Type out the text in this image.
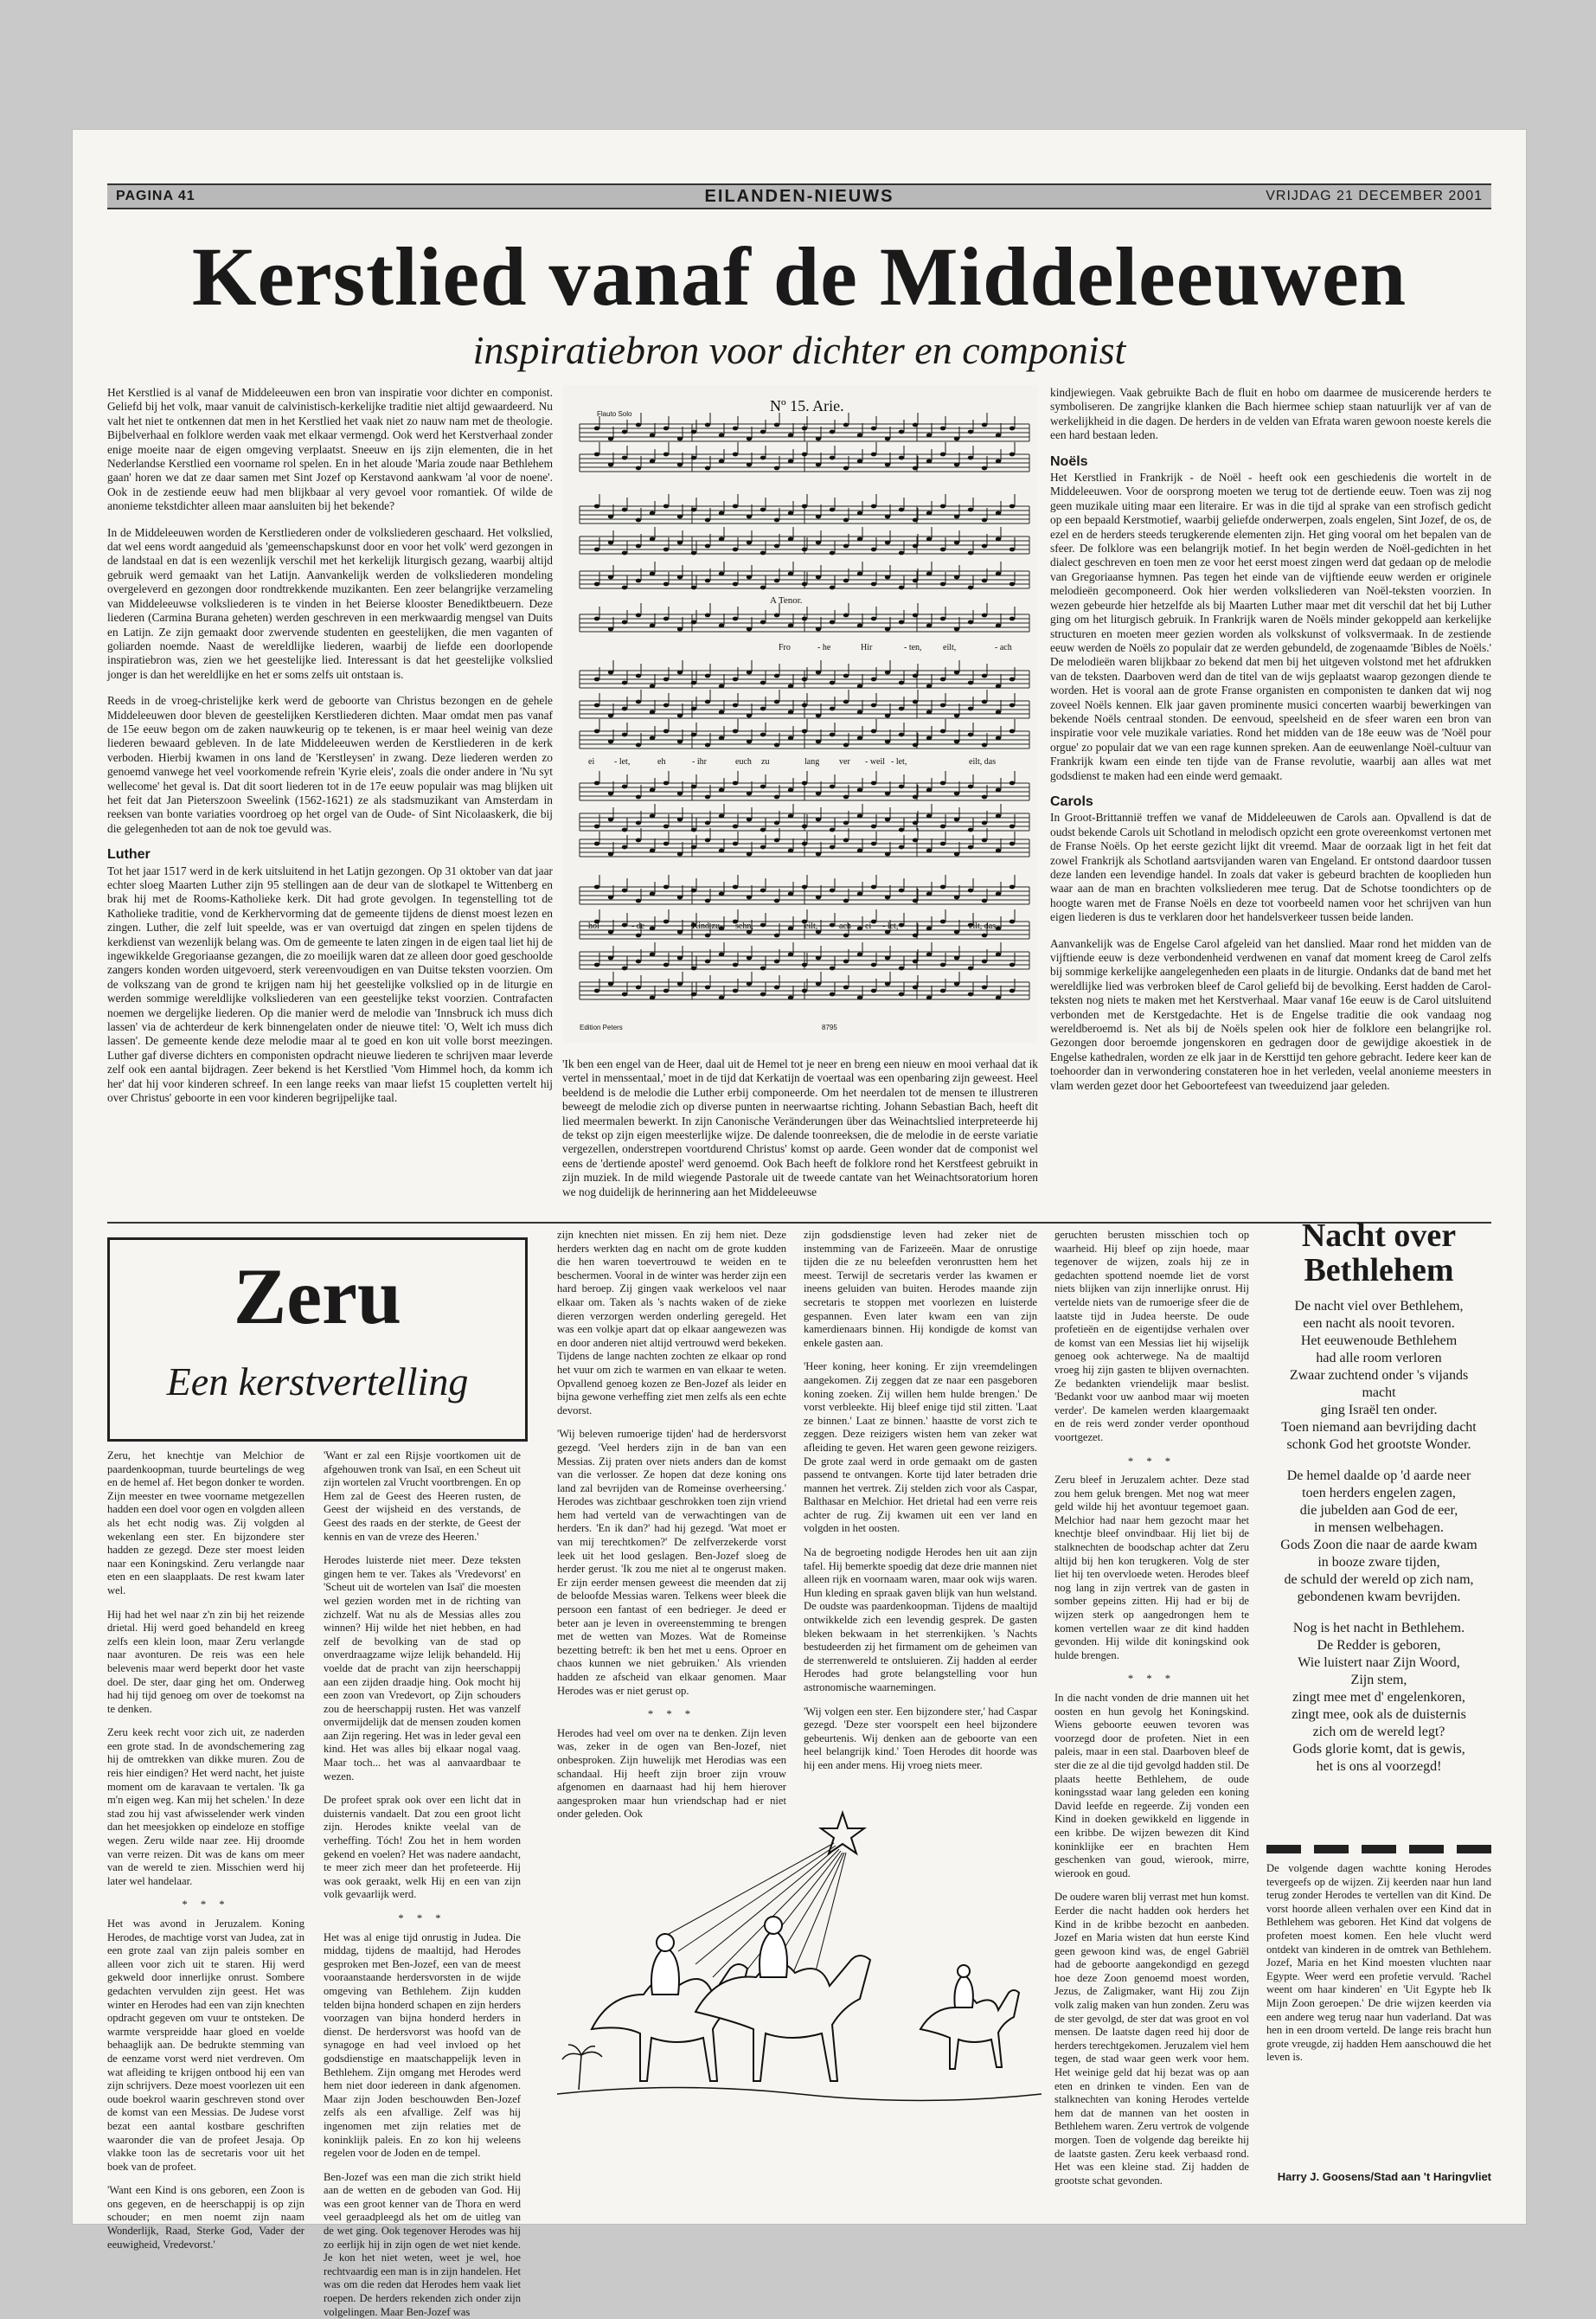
PAGINA 41	EILANDEN-NIEUWS	VRIJDAG 21 DECEMBER 2001
Kerstlied vanaf de Middeleeuwen
inspiratiebron voor dichter en componist

Het Kerstlied is al vanaf de Middeleeuwen een bron van inspiratie voor dichter en componist. Geliefd bij het volk, maar vanuit de calvinistisch-kerkelijke traditie niet altijd gewaardeerd. Nu valt het niet te ontkennen dat men in het Kerstlied het vaak niet zo nauw nam met de theologie. Bijbelverhaal en folklore werden vaak met elkaar vermengd. Ook werd het Kerstverhaal zonder enige moeite naar de eigen omgeving verplaatst. Sneeuw en ijs zijn elementen, die in het Nederlandse Kerstlied een voorname rol spelen. En in het aloude 'Maria zoude naar Bethlehem gaan' horen we dat ze daar samen met Sint Jozef op Kerstavond aankwam 'al voor de noene'. Ook in de zestiende eeuw had men blijkbaar al very gevoel voor romantiek. Of wilde de anonieme tekstdichter alleen maar aansluiten bij het bekende?

In de Middeleeuwen worden de Kerstliederen onder de volksliederen geschaard. Het volkslied, dat wel eens wordt aangeduid als 'gemeenschapskunst door en voor het volk' werd gezongen in de landstaal en dat is een wezenlijk verschil met het kerkelijk liturgisch gezang, waarbij altijd gebruik werd gemaakt van het Latijn. Aanvankelijk werden de volksliederen mondeling overgeleverd en gezongen door rondtrekkende muzikanten. Een zeer belangrijke verzameling van Middeleeuwse volksliederen is te vinden in het Beierse klooster Benediktbeuern. Deze liederen (Carmina Burana geheten) werden geschreven in een merkwaardig mengsel van Duits en Latijn. Ze zijn gemaakt door zwervende studenten en geestelijken, die men vaganten of goliarden noemde. Naast de wereldlijke liederen, waarbij de liefde een doorlopende inspiratiebron was, zien we het geestelijke lied. Interessant is dat het geestelijke volkslied jonger is dan het wereldlijke en het er soms zelfs uit ontstaan is.

Reeds in de vroeg-christelijke kerk werd de geboorte van Christus bezongen en de gehele Middeleeuwen door bleven de geestelijken Kerstliederen dichten. Maar omdat men pas vanaf de 15e eeuw begon om de zaken nauwkeurig op te tekenen, is er maar heel weinig van deze liederen bewaard gebleven. In de late Middeleeuwen werden de Kerstliederen in de kerk verboden. Hierbij kwamen in ons land de 'Kerstleysen' in zwang. Deze liederen werden zo genoemd vanwege het veel voorkomende refrein 'Kyrie eleis', zoals die onder andere in 'Nu syt wellecome' het geval is. Dat dit soort liederen tot in de 17e eeuw populair was mag blijken uit het feit dat Jan Pieterszoon Sweelink (1562-1621) ze als stadsmuzikant van Amsterdam in reeksen van bonte variaties voordroeg op het orgel van de Oude- of Sint Nicolaaskerk, die bij die gelegenheden tot aan de nok toe gevuld was.

Luther

Tot het jaar 1517 werd in de kerk uitsluitend in het Latijn gezongen. Op 31 oktober van dat jaar echter sloeg Maarten Luther zijn 95 stellingen aan de deur van de slotkapel te Wittenberg en brak hij met de Rooms-Katholieke kerk. Dit had grote gevolgen. In tegenstelling tot de Katholieke traditie, vond de Kerkhervorming dat de gemeente tijdens de dienst moest lezen en zingen. Luther, die zelf luit speelde, was er van overtuigd dat zingen en spelen tijdens de kerkdienst van wezenlijk belang was. Om de gemeente te laten zingen in de eigen taal liet hij de ingewikkelde Gregoriaanse gezangen, die zo moeilijk waren dat ze alleen door goed geschoolde zangers konden worden uitgevoerd, sterk vereenvoudigen en van Duitse teksten voorzien. Om de volkszang van de grond te krijgen nam hij het geestelijke volkslied op in de liturgie en werden sommige wereldlijke volksliederen van een geestelijke tekst voorzien. Contrafacten noemen we dergelijke liederen. Op die manier werd de melodie van 'Innsbruck ich muss dich lassen' via de achterdeur de kerk binnengelaten onder de nieuwe titel: 'O, Welt ich muss dich lassen'. De gemeente kende deze melodie maar al te goed en kon uit volle borst meezingen. Luther gaf diverse dichters en componisten opdracht nieuwe liederen te schrijven maar leverde zelf ook een aantal bijdragen. Zeer bekend is het Kerstlied 'Vom Himmel hoch, da komm ich her' dat hij voor kinderen schreef. In een lange reeks van maar liefst 15 coupletten vertelt hij over Christus' geboorte in een voor kinderen begrijpelijke taal.

Nº 15. Arie.
Flauto Solo
A Tenor.
Fro	- he	Hir	- ten, eilt,	- ach
ei - let,	eh	- ihr	euch zu	lang ver - weil - let,	eilt, das
hol	- de	Kind zu sehn,	eilt, ach ei - let,	eilt, das
Edition Peters	8795

'Ik ben een engel van de Heer, daal uit de Hemel tot je neer en breng een nieuw en mooi verhaal dat ik vertel in menssentaal,' moet in de tijd dat Kerkatijn de voertaal was een openbaring zijn geweest. Heel beeldend is de melodie die Luther erbij componeerde. Om het neerdalen tot de mensen te illustreren beweegt de melodie zich op diverse punten in neerwaartse richting. Johann Sebastian Bach, heeft dit lied meermalen bewerkt. In zijn Canonische Veränderungen über das Weinachtslied interpreteerde hij de tekst op zijn eigen meesterlijke wijze. De dalende toonreeksen, die de melodie in de eerste variatie vergezellen, onderstrepen voortdurend Christus' komst op aarde. Geen wonder dat de componist wel eens de 'dertiende apostel' werd genoemd. Ook Bach heeft de folklore rond het Kerstfeest gebruikt in zijn muziek. In de mild wiegende Pastorale uit de tweede cantate van het Weinachtsoratorium horen we nog duidelijk de herinnering aan het Middeleeuwse

kindjewiegen. Vaak gebruikte Bach de fluit en hobo om daarmee de musicerende herders te symboliseren. De zangrijke klanken die Bach hiermee schiep staan natuurlijk ver af van de werkelijkheid in die dagen. De herders in de velden van Efrata waren gewoon noeste kerels die een hard bestaan leden.

Noëls

Het Kerstlied in Frankrijk - de Noël - heeft ook een geschiedenis die wortelt in de Middeleeuwen. Voor de oorsprong moeten we terug tot de dertiende eeuw. Toen was zij nog geen muzikale uiting maar een literaire. Er was in die tijd al sprake van een strofisch gedicht op een bepaald Kerstmotief, waarbij geliefde onderwerpen, zoals engelen, Sint Jozef, de os, de ezel en de herders steeds terugkerende elementen zijn. Het ging vooral om het bepalen van de sfeer. De folklore was een belangrijk motief. In het begin werden de Noël-gedichten in het dialect geschreven en toen men ze voor het eerst moest zingen werd dat gedaan op de melodie van Gregoriaanse hymnen. Pas tegen het einde van de vijftiende eeuw werden er originele melodieën gecomponeerd. Ook hier werden volksliederen van Noël-teksten voorzien. In wezen gebeurde hier hetzelfde als bij Maarten Luther maar met dit verschil dat het bij Luther ging om het liturgisch gebruik. In Frankrijk waren de Noëls minder gekoppeld aan kerkelijke structuren en moeten meer gezien worden als volkskunst of volksvermaak. In de zestiende eeuw werden de Noëls zo populair dat ze werden gebundeld, de zogenaamde 'Bibles de Noëls.' De melodieën waren blijkbaar zo bekend dat men bij het uitgeven volstond met het afdrukken van de teksten. Daarboven werd dan de titel van de wijs geplaatst waarop gezongen diende te worden. Het is vooral aan de grote Franse organisten en componisten te danken dat wij nog zoveel Noëls kennen. Elk jaar gaven prominente musici concerten waarbij bewerkingen van bekende Noëls centraal stonden. De eenvoud, speelsheid en de sfeer waren een bron van inspiratie voor vele muzikale variaties. Rond het midden van de 18e eeuw was de 'Noël pour orgue' zo populair dat we van een rage kunnen spreken. Aan de eeuwenlange Noël-cultuur van Frankrijk kwam een einde ten tijde van de Franse revolutie, waarbij aan alles wat met godsdienst te maken had een einde werd gemaakt.

Carols

In Groot-Brittannië treffen we vanaf de Middeleeuwen de Carols aan. Opvallend is dat de oudst bekende Carols uit Schotland in melodisch opzicht een grote overeenkomst vertonen met de Franse Noëls. Op het eerste gezicht lijkt dit vreemd. Maar de oorzaak ligt in het feit dat zowel Frankrijk als Schotland aartsvijanden waren van Engeland. Er ontstond daardoor tussen deze landen een levendige handel. In zoals dat vaker is gebeurd brachten de kooplieden hun waar aan de man en brachten volksliederen mee terug. Dat de Schotse toondichters op de hoogte waren met de Franse Noëls en deze tot voorbeeld namen voor het schrijven van hun eigen liederen is dus te verklaren door het handelsverkeer tussen beide landen.

Aanvankelijk was de Engelse Carol afgeleid van het danslied. Maar rond het midden van de vijftiende eeuw is deze verbondenheid verdwenen en vanaf dat moment kreeg de Carol zelfs bij sommige kerkelijke aangelegenheden een plaats in de liturgie. Ondanks dat de band met het wereldlijke lied was verbroken bleef de Carol geliefd bij de bevolking. Eerst hadden de Carol-teksten nog niets te maken met het Kerstverhaal. Maar vanaf 16e eeuw is de Carol uitsluitend verbonden met de Kerstgedachte. Het is de Engelse traditie die ook vandaag nog wereldberoemd is. Net als bij de Noëls spelen ook hier de folklore een belangrijke rol. Gezongen door beroemde jongenskoren en gedragen door de gewijdige akoestiek in de Engelse kathedralen, worden ze elk jaar in de Kersttijd ten gehore gebracht. Iedere keer kan de toehoorder dan in verwondering constateren hoe in het verleden, veelal anonieme meesters in vlam werden gezet door het Geboortefeest van tweeduizend jaar geleden.

Zeru
Een kerstvertelling

Zeru, het knechtje van Melchior de paardenkoopman, tuurde beurtelings de weg en de hemel af. Het begon donker te worden. Zijn meester en twee voorname metgezellen hadden een doel voor ogen en volgden alleen als het echt nodig was. Zij volgden al wekenlang een ster. En bijzondere ster hadden ze gezegd. Deze ster moest leiden naar een Koningskind. Zeru verlangde naar eten en een slaapplaats. De rest kwam later wel.

Hij had het wel naar z'n zin bij het reizende drietal. Hij werd goed behandeld en kreeg zelfs een klein loon, maar Zeru verlangde naar avonturen. De reis was een hele belevenis maar werd beperkt door het vaste doel. De ster, daar ging het om. Onderweg had hij tijd genoeg om over de toekomst na te denken.

Zeru keek recht voor zich uit, ze naderden een grote stad. In de avondschemering zag hij de omtrekken van dikke muren. Zou de reis hier eindigen? Het werd nacht, het juiste moment om de karavaan te vertalen. 'Ik ga m'n eigen weg. Kan mij het schelen.' In deze stad zou hij vast afwisselender werk vinden dan het meesjokken op eindeloze en stoffige wegen. Zeru wilde naar zee. Hij droomde van verre reizen. Dit was de kans om meer van de wereld te zien. Misschien werd hij later wel handelaar.

* * *

Het was avond in Jeruzalem. Koning Herodes, de machtige vorst van Judea, zat in een grote zaal van zijn paleis somber en alleen voor zich uit te staren. Hij werd gekweld door innerlijke onrust. Sombere gedachten vervulden zijn geest. Het was winter en Herodes had een van zijn knechten opdracht gegeven om vuur te ontsteken. De warmte verspreidde haar gloed en voelde behaaglijk aan. De bedrukte stemming van de eenzame vorst werd niet verdreven. Om wat afleiding te krijgen ontbood hij een van zijn schrijvers. Deze moest voorlezen uit een oude boekrol waarin geschreven stond over de komst van een Messias. De Judese vorst bezat een aantal kostbare geschriften waaronder die van de profeet Jesaja. Op vlakke toon las de secretaris voor uit het boek van de profeet.

'Want een Kind is ons geboren, een Zoon is ons gegeven, en de heerschappij is op zijn schouder; en men noemt zijn naam Wonderlijk, Raad, Sterke God, Vader der eeuwigheid, Vredevorst.'

'Want er zal een Rijsje voortkomen uit de afgehouwen tronk van Isaï, en een Scheut uit zijn wortelen zal Vrucht voortbrengen. En op Hem zal de Geest des Heeren rusten, de Geest der wijsheid en des verstands, de Geest des raads en der sterkte, de Geest der kennis en van de vreze des Heeren.'

Herodes luisterde niet meer. Deze teksten gingen hem te ver. Takes als 'Vredevorst' en 'Scheut uit de wortelen van Isaï' die moesten wel gezien worden met in de richting van zichzelf. Wat nu als de Messias alles zou winnen? Hij wilde het niet hebben, en had zelf de bevolking van de stad op onverdraagzame wijze lelijk behandeld. Hij voelde dat de pracht van zijn heerschappij aan een zijden draadje hing. Ook mocht hij een zoon van Vredevort, op Zijn schouders zou de heerschappij rusten. Het was vanzelf onvermijdelijk dat de mensen zouden komen aan Zijn regering. Het was in leder geval een kind. Het was alles bij elkaar nogal vaag. Maar toch... het was al aanvaardbaar te wezen.

De profeet sprak ook over een licht dat in duisternis vandaelt. Dat zou een groot licht zijn. Herodes knikte veelal van de verheffing. Tóch! Zou het in hem worden gekend en voelen? Het was nadere aandacht, te meer zich meer dan het profeteerde. Hij was ook geraakt, welk Hij en een van zijn volk gevaarlijk werd.

* * *

Het was al enige tijd onrustig in Judea. Die middag, tijdens de maaltijd, had Herodes gesproken met Ben-Jozef, een van de meest vooraanstaande herdersvorsten in de wijde omgeving van Bethlehem. Zijn kudden telden bijna honderd schapen en zijn herders voorzagen van bijna honderd herders in dienst. De herdersvorst was hoofd van de synagoge en had veel invloed op het godsdienstige en maatschappelijk leven in Bethlehem. Zijn omgang met Herodes werd hem niet door iedereen in dank afgenomen. Maar zijn Joden beschouwden Ben-Jozef zelfs als een afvallige. Zelf was hij ingenomen met zijn relaties met de koninklijk paleis. En zo kon hij weleens regelen voor de Joden en de tempel.

Ben-Jozef was een man die zich strikt hield aan de wetten en de geboden van God. Hij was een groot kenner van de Thora en werd veel geraadpleegd als het om de uitleg van de wet ging. Ook tegenover Herodes was hij zo eerlijk hij in zijn ogen de wet niet kende. Je kon het niet weten, weet je wel, hoe rechtvaardig een man is in zijn handelen. Het was om die reden dat Herodes hem vaak liet roepen. De herders rekenden zich onder zijn volgelingen. Maar Ben-Jozef was

zijn knechten niet missen. En zij hem niet. Deze herders werkten dag en nacht om de grote kudden die hen waren toevertrouwd te weiden en te beschermen. Vooral in de winter was herder zijn een hard beroep. Zij gingen vaak werkeloos vel naar elkaar om. Taken als 's nachts waken of de zieke dieren verzorgen werden onderling geregeld. Het was een volkje apart dat op elkaar aangewezen was en door anderen niet altijd vertrouwd werd bekeken. Tijdens de lange nachten zochten ze elkaar op rond het vuur om zich te warmen en van elkaar te weten. Opvallend genoeg kozen ze Ben-Jozef als leider en bijna gewone verheffing ziet men zelfs als een echte devorst.

'Wij beleven rumoerige tijden' had de herdersvorst gezegd. 'Veel herders zijn in de ban van een Messias. Zij praten over niets anders dan de komst van die verlosser. Ze hopen dat deze koning ons land zal bevrijden van de Romeinse overheersing.' Herodes was zichtbaar geschrokken toen zijn vriend hem had verteld van de verwachtingen van de herders. 'En ik dan?' had hij gezegd. 'Wat moet er van mij terechtkomen?' De zelfverzekerde vorst leek uit het lood geslagen. Ben-Jozef sloeg de herder gerust. 'Ik zou me niet al te ongerust maken. Er zijn eerder mensen geweest die meenden dat zij de beloofde Messias waren. Telkens weer bleek die persoon een fantast of een bedrieger. Je deed er beter aan je leven in overeenstemming te brengen met de wetten van Mozes. Wat de Romeinse bezetting betreft: ik ben het met u eens. Oproer en chaos kunnen we niet gebruiken.' Als vrienden hadden ze afscheid van elkaar genomen. Maar Herodes was er niet gerust op.

* * *

Herodes had veel om over na te denken. Zijn leven was, zeker in de ogen van Ben-Jozef, niet onbesproken. Zijn huwelijk met Herodias was een schandaal. Hij heeft zijn broer zijn vrouw afgenomen en daarnaast had hij hem hierover aangesproken maar hun vriendschap had er niet onder geleden. Ook

zijn godsdienstige leven had zeker niet de instemming van de Farizeeën. Maar de onrustige tijden die ze nu beleefden veronrustten hem het meest. Terwijl de secretaris verder las kwamen er ineens geluiden van buiten. Herodes maande zijn secretaris te stoppen met voorlezen en luisterde gespannen. Even later kwam een van zijn kamerdienaars binnen. Hij kondigde de komst van enkele gasten aan.

'Heer koning, heer koning. Er zijn vreemdelingen aangekomen. Zij zeggen dat ze naar een pasgeboren koning zoeken. Zij willen hem hulde brengen.' De vorst verbleekte. Hij bleef enige tijd stil zitten. 'Laat ze binnen.' Laat ze binnen.' haastte de vorst zich te zeggen. Deze reizigers wisten hem van zeker wat afleiding te geven. Het waren geen gewone reizigers. De grote zaal werd in orde gemaakt om de gasten passend te ontvangen. Korte tijd later betraden drie mannen het vertrek. Zij stelden zich voor als Caspar, Balthasar en Melchior. Het drietal had een verre reis achter de rug. Zij kwamen uit een ver land en volgden in het oosten.

Na de begroeting nodigde Herodes hen uit aan zijn tafel. Hij bemerkte spoedig dat deze drie mannen niet alleen rijk en voornaam waren, maar ook wijs waren. Hun kleding en spraak gaven blijk van hun welstand. De oudste was paardenkoopman. Tijdens de maaltijd ontwikkelde zich een levendig gesprek. De gasten bleken bekwaam in het sterrenkijken. 's Nachts bestudeerden zij het firmament om de geheimen van de sterrenwereld te ontsluieren. Zij hadden al eerder Herodes had grote belangstelling voor hun astronomische waarnemingen.

'Wij volgen een ster. Een bijzondere ster,' had Caspar gezegd. 'Deze ster voorspelt een heel bijzondere gebeurtenis. Wij denken aan de geboorte van een heel belangrijk kind.' Toen Herodes dit hoorde was hij een ander mens. Hij vroeg niets meer.

geruchten berusten misschien toch op waarheid. Hij bleef op zijn hoede, maar tegenover de wijzen, zoals hij ze in gedachten spottend noemde liet de vorst niets blijken van zijn innerlijke onrust. Hij vertelde niets van de rumoerige sfeer die de laatste tijd in Judea heerste. De oude profetieën en de eigentijdse verhalen over de komst van een Messias liet hij wijselijk genoeg ook achterwege. Na de maaltijd vroeg hij zijn gasten te blijven overnachten. Ze bedankten vriendelijk maar beslist. 'Bedankt voor uw aanbod maar wij moeten verder'. De kamelen werden klaargemaakt en de reis werd zonder verder oponthoud voortgezet.

* * *

Zeru bleef in Jeruzalem achter. Deze stad zou hem geluk brengen. Met nog wat meer geld wilde hij het avontuur tegemoet gaan. Melchior had naar hem gezocht maar het knechtje bleef onvindbaar. Hij liet bij de stalknechten de boodschap achter dat Zeru altijd bij hen kon terugkeren. Volg de ster liet hij ten overvloede weten. Herodes bleef nog lang in zijn vertrek van de gasten in somber gepeins zitten. Hij had er bij de wijzen sterk op aangedrongen hem te komen vertellen waar ze dit kind hadden gevonden. Hij wilde dit koningskind ook hulde brengen.

* * *

In die nacht vonden de drie mannen uit het oosten en hun gevolg het Koningskind. Wiens geboorte eeuwen tevoren was voorzegd door de profeten. Niet in een paleis, maar in een stal. Daarboven bleef de ster die ze al die tijd gevolgd hadden stil. De plaats heette Bethlehem, de oude koningsstad waar lang geleden een koning David leefde en regeerde. Zij vonden een Kind in doeken gewikkeld en liggende in een kribbe. De wijzen bewezen dit Kind koninklijke eer en brachten Hem geschenken van goud, wierook, mirre, wierook en goud.

De oudere waren blij verrast met hun komst. Eerder die nacht hadden ook herders het Kind in de kribbe bezocht en aanbeden. Jozef en Maria wisten dat hun eerste Kind geen gewoon kind was, de engel Gabriël had de geboorte aangekondigd en gezegd hoe deze Zoon genoemd moest worden, Jezus, de Zaligmaker, want Hij zou Zijn volk zalig maken van hun zonden. Zeru was de ster gevolgd, de ster dat was groot en vol mensen. De laatste dagen reed hij door de herders terechtgekomen. Jeruzalem viel hem tegen, de stad waar geen werk voor hem. Het weinige geld dat hij bezat was op aan eten en drinken te vinden. Een van de stalknechten van koning Herodes vertelde hem dat de mannen van het oosten in Bethlehem waren. Zeru vertrok de volgende morgen. Toen de volgende dag bereikte hij de laatste gasten. Zeru keek verbaasd rond. Het was een kleine stad. Zij hadden de grootste schat gevonden.

Nacht over Bethlehem

De nacht viel over Bethlehem,
een nacht als nooit tevoren.
Het eeuwenoude Bethlehem
had alle room verloren
Zwaar zuchtend onder 's vijands
macht
ging Israël ten onder.
Toen niemand aan bevrijding dacht
schonk God het grootste Wonder.

De hemel daalde op 'd aarde neer
toen herders engelen zagen,
die jubelden aan God de eer,
in mensen welbehagen.
Gods Zoon die naar de aarde kwam
in booze zware tijden,
de schuld der wereld op zich nam,
gebondenen kwam bevrijden.

Nog is het nacht in Bethlehem.
De Redder is geboren,
Wie luistert naar Zijn Woord,
Zijn stem,
zingt mee met d' engelenkoren,
zingt mee, ook als de duisternis
zich om de wereld legt?
Gods glorie komt, dat is gewis,
het is ons al voorzegd!

De volgende dagen wachtte koning Herodes tevergeefs op de wijzen. Zij keerden naar hun land terug zonder Herodes te vertellen van dit Kind. De vorst hoorde alleen verhalen over een Kind dat in Bethlehem was geboren. Het Kind dat volgens de profeten moest komen. Een hele vlucht werd ontdekt van kinderen in de omtrek van Bethlehem. Jozef, Maria en het Kind moesten vluchten naar Egypte. Weer werd een profetie vervuld. 'Rachel weent om haar kinderen' en 'Uit Egypte heb Ik Mijn Zoon geroepen.' De drie wijzen keerden via een andere weg terug naar hun vaderland. Dat was hen in een droom verteld. De lange reis bracht hun grote vreugde, zij hadden Hem aanschouwd die het leven is.

Harry J. Goosens/Stad aan 't Haringvliet
